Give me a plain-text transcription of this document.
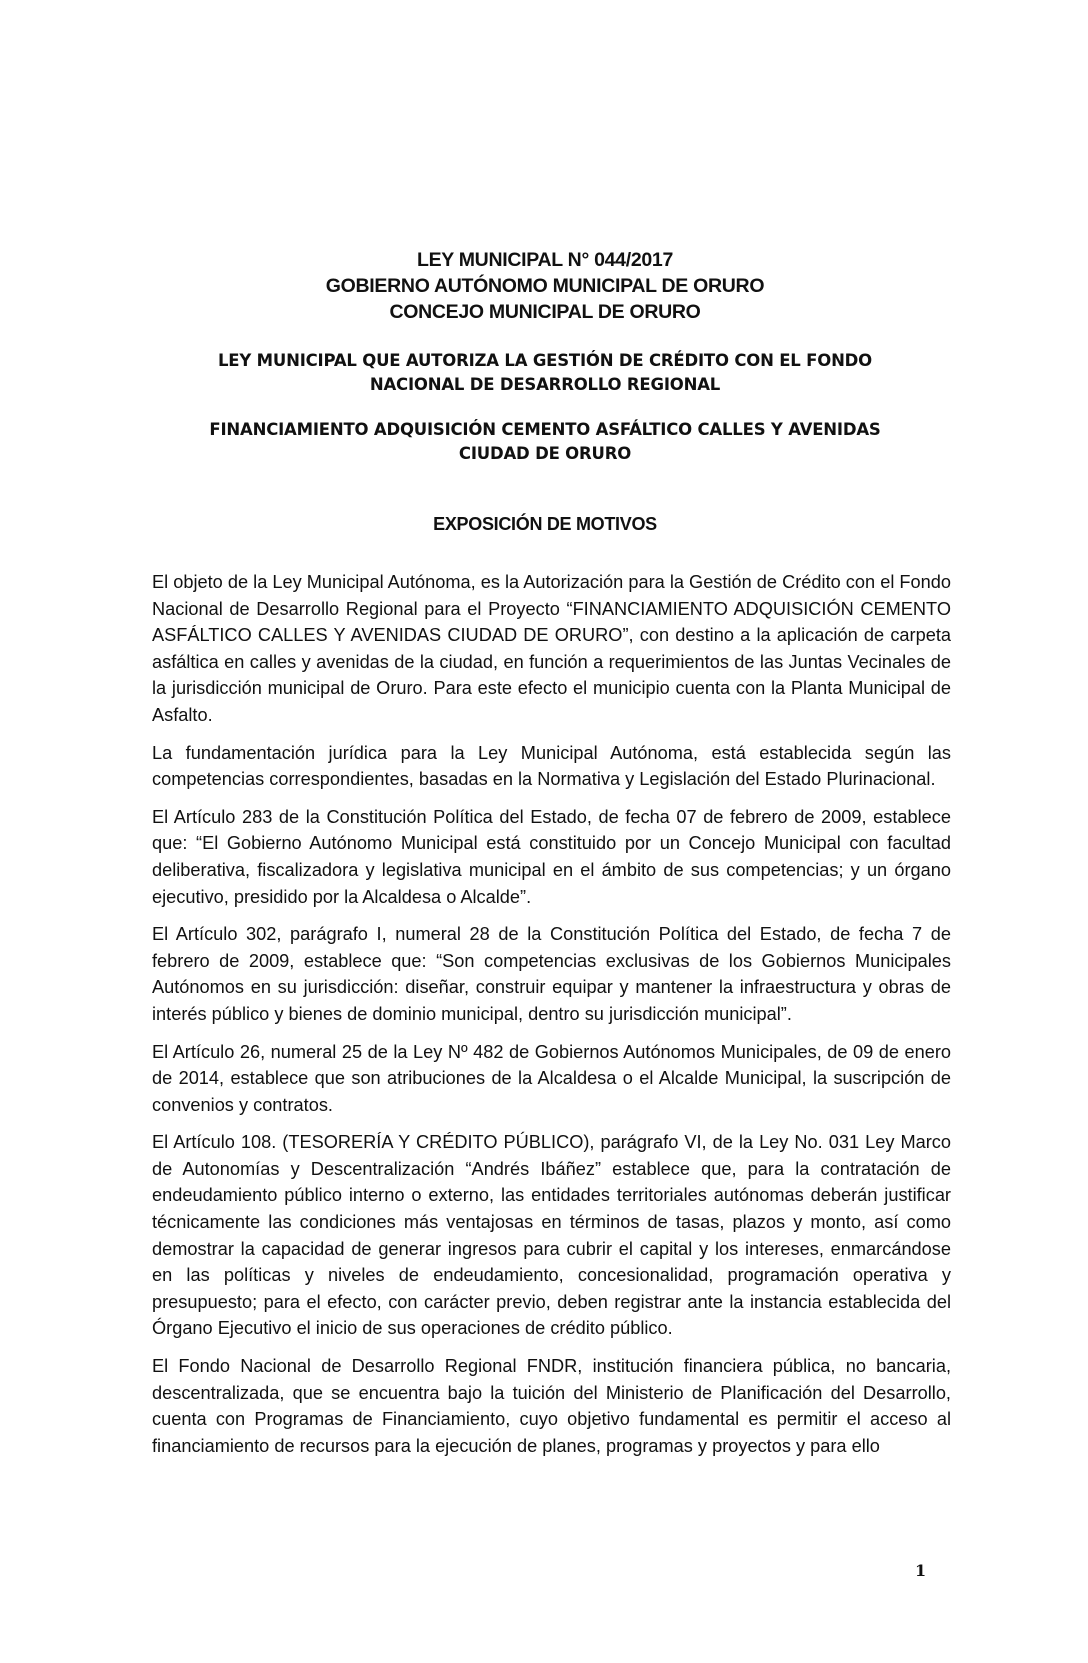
LEY MUNICIPAL N° 044/2017
GOBIERNO AUTÓNOMO MUNICIPAL DE ORURO
CONCEJO MUNICIPAL DE ORURO
LEY MUNICIPAL QUE AUTORIZA LA GESTIÓN DE CRÉDITO CON EL FONDO
NACIONAL DE DESARROLLO REGIONAL
FINANCIAMIENTO ADQUISICIÓN CEMENTO ASFÁLTICO CALLES Y AVENIDAS
CIUDAD DE ORURO
EXPOSICIÓN DE MOTIVOS

El objeto de la Ley Municipal Autónoma, es la Autorización para la Gestión de Crédito con el Fondo Nacional de Desarrollo Regional para el Proyecto “FINANCIAMIENTO ADQUISICIÓN CEMENTO ASFÁLTICO CALLES Y AVENIDAS CIUDAD DE ORURO”, con destino a la aplicación de carpeta asfáltica en calles y avenidas de la ciudad, en función a requerimientos de las Juntas Vecinales de la jurisdicción municipal de Oruro. Para este efecto el municipio cuenta con la Planta Municipal de Asfalto.

La fundamentación jurídica para la Ley Municipal Autónoma, está establecida según las competencias correspondientes, basadas en la Normativa y Legislación del Estado Plurinacional.

El Artículo 283 de la Constitución Política del Estado, de fecha 07 de febrero de 2009, establece que: “El Gobierno Autónomo Municipal está constituido por un Concejo Municipal con facultad deliberativa, fiscalizadora y legislativa municipal en el ámbito de sus competencias; y un órgano ejecutivo, presidido por la Alcaldesa o Alcalde”.

El Artículo 302, parágrafo I, numeral 28 de la Constitución Política del Estado, de fecha 7 de febrero de 2009, establece que: “Son competencias exclusivas de los Gobiernos Municipales Autónomos en su jurisdicción: diseñar, construir equipar y mantener la infraestructura y obras de interés público y bienes de dominio municipal, dentro su jurisdicción municipal”.

El Artículo 26, numeral 25 de la Ley Nº 482 de Gobiernos Autónomos Municipales, de 09 de enero de 2014, establece que son atribuciones de la Alcaldesa o el Alcalde Municipal, la suscripción de convenios y contratos.

El Artículo 108. (TESORERÍA Y CRÉDITO PÚBLICO), parágrafo VI, de la Ley No. 031 Ley Marco de Autonomías y Descentralización “Andrés Ibáñez” establece que, para la contratación de endeudamiento público interno o externo, las entidades territoriales autónomas deberán justificar técnicamente las condiciones más ventajosas en términos de tasas, plazos y monto, así como demostrar la capacidad de generar ingresos para cubrir el capital y los intereses, enmarcándose en las políticas y niveles de endeudamiento, concesionalidad, programación operativa y presupuesto; para el efecto, con carácter previo, deben registrar ante la instancia establecida del Órgano Ejecutivo el inicio de sus operaciones de crédito público.

El Fondo Nacional de Desarrollo Regional FNDR, institución financiera pública, no bancaria, descentralizada, que se encuentra bajo la tuición del Ministerio de Planificación del Desarrollo, cuenta con Programas de Financiamiento, cuyo objetivo fundamental es permitir el acceso al financiamiento de recursos para la ejecución de planes, programas y proyectos y para ello

1
